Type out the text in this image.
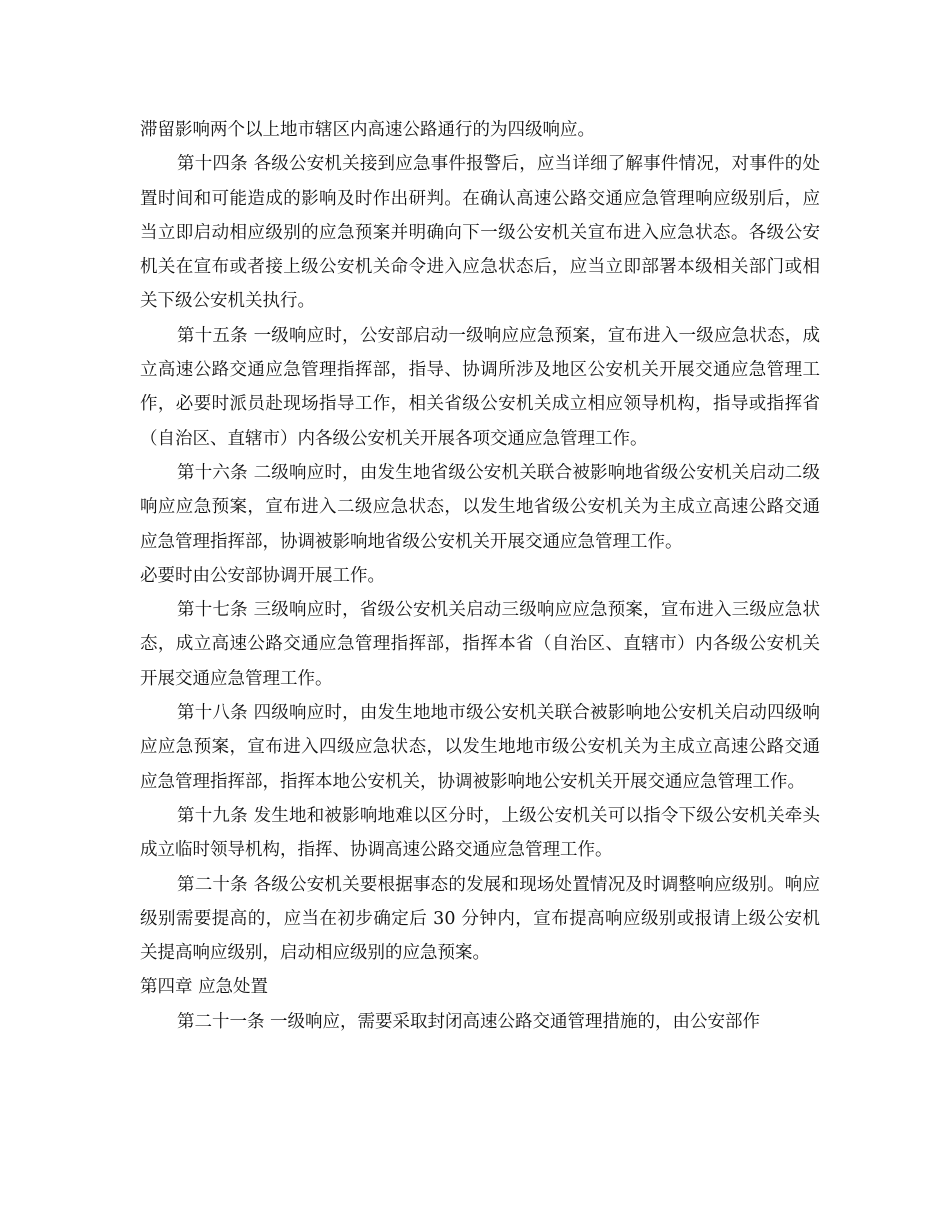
滞留影响两个以上地市辖区内高速公路通行的为四级响应。

第十四条 各级公安机关接到应急事件报警后，应当详细了解事件情况，对事件的处置时间和可能造成的影响及时作出研判。在确认高速公路交通应急管理响应级别后，应当立即启动相应级别的应急预案并明确向下一级公安机关宣布进入应急状态。各级公安机关在宣布或者接上级公安机关命令进入应急状态后，应当立即部署本级相关部门或相关下级公安机关执行。

第十五条 一级响应时，公安部启动一级响应应急预案，宣布进入一级应急状态，成立高速公路交通应急管理指挥部，指导、协调所涉及地区公安机关开展交通应急管理工作，必要时派员赴现场指导工作，相关省级公安机关成立相应领导机构，指导或指挥省（自治区、直辖市）内各级公安机关开展各项交通应急管理工作。

第十六条 二级响应时，由发生地省级公安机关联合被影响地省级公安机关启动二级响应应急预案，宣布进入二级应急状态，以发生地省级公安机关为主成立高速公路交通应急管理指挥部，协调被影响地省级公安机关开展交通应急管理工作。

必要时由公安部协调开展工作。

第十七条 三级响应时，省级公安机关启动三级响应应急预案，宣布进入三级应急状态，成立高速公路交通应急管理指挥部，指挥本省（自治区、直辖市）内各级公安机关开展交通应急管理工作。

第十八条 四级响应时，由发生地地市级公安机关联合被影响地公安机关启动四级响应应急预案，宣布进入四级应急状态，以发生地地市级公安机关为主成立高速公路交通应急管理指挥部，指挥本地公安机关，协调被影响地公安机关开展交通应急管理工作。

第十九条 发生地和被影响地难以区分时，上级公安机关可以指令下级公安机关牵头成立临时领导机构，指挥、协调高速公路交通应急管理工作。

第二十条 各级公安机关要根据事态的发展和现场处置情况及时调整响应级别。响应级别需要提高的，应当在初步确定后 30 分钟内，宣布提高响应级别或报请上级公安机关提高响应级别，启动相应级别的应急预案。

第四章 应急处置

第二十一条 一级响应，需要采取封闭高速公路交通管理措施的，由公安部作
